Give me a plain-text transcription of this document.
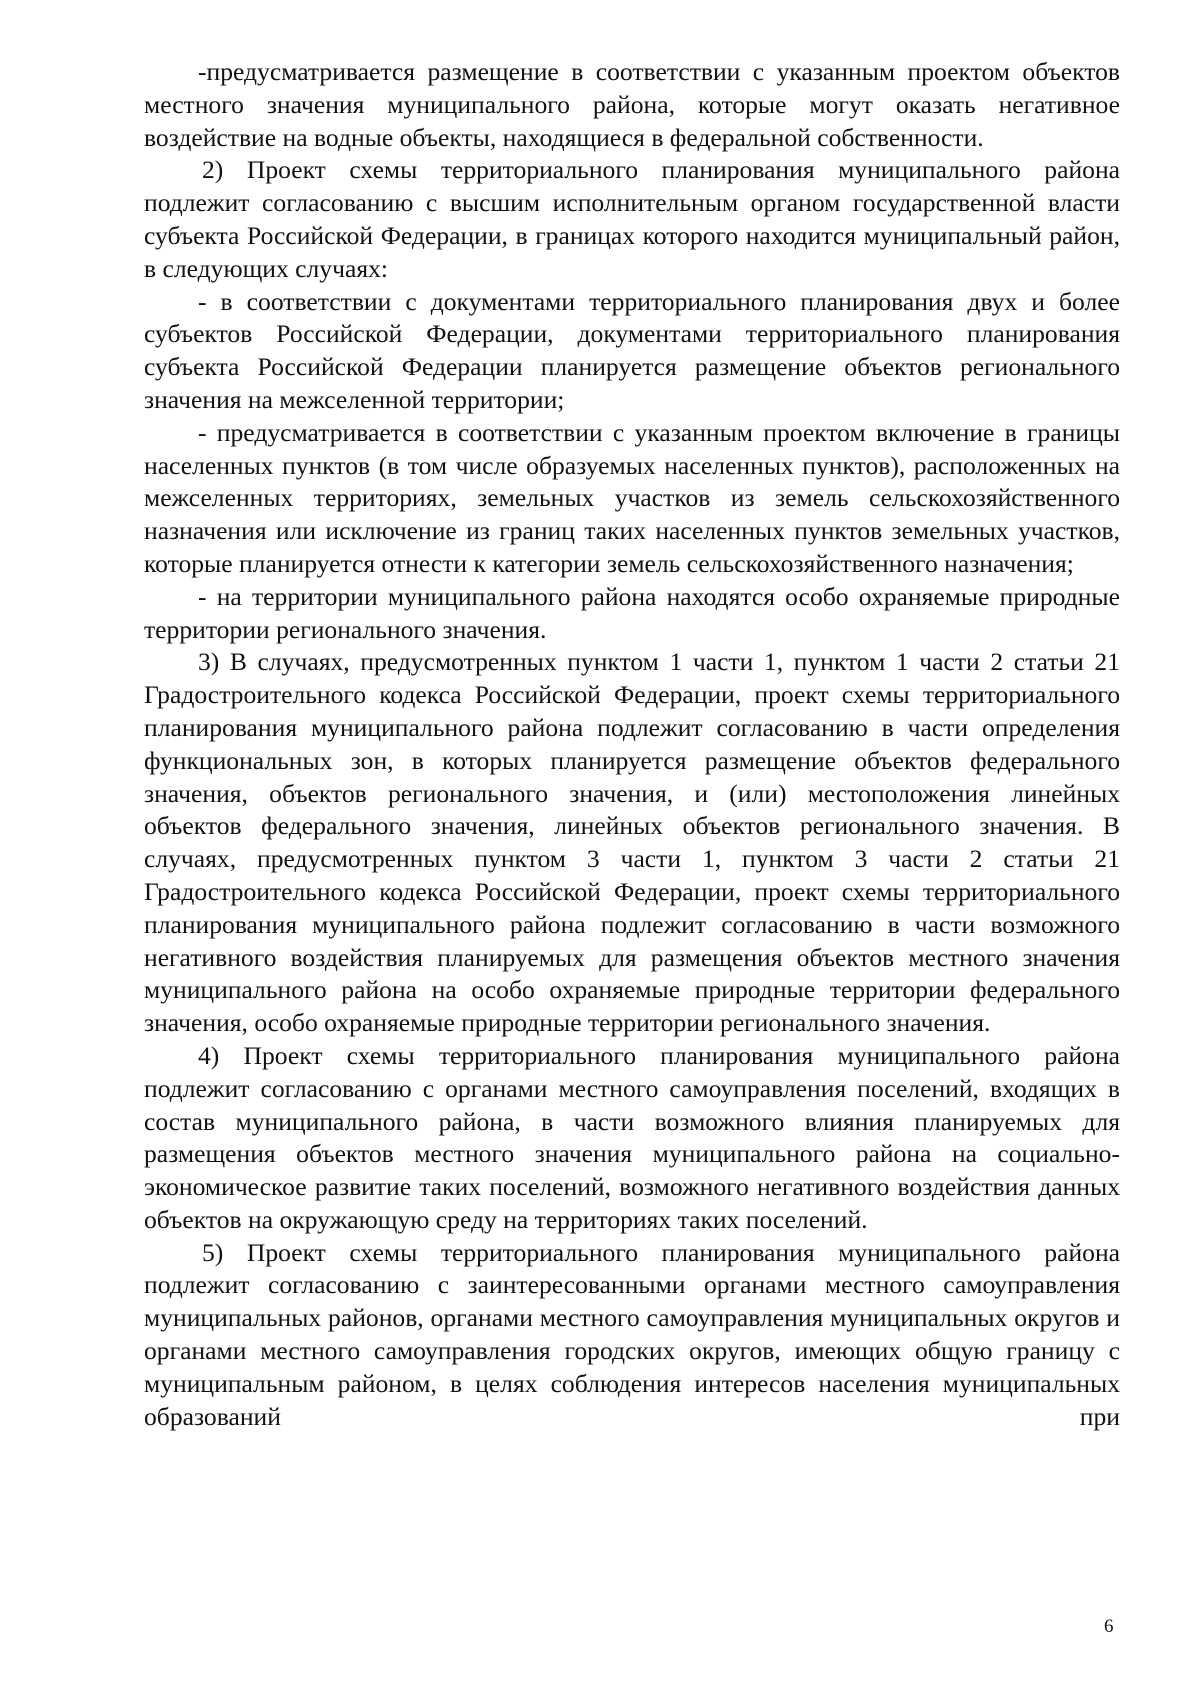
-предусматривается размещение в соответствии с указанным проектом объектов местного значения муниципального района, которые могут оказать негативное воздействие на водные объекты, находящиеся в федеральной собственности.

2) Проект схемы территориального планирования муниципального района подлежит согласованию с высшим исполнительным органом государственной власти субъекта Российской Федерации, в границах которого находится муниципальный район, в следующих случаях:

- в соответствии с документами территориального планирования двух и более субъектов Российской Федерации, документами территориального планирования субъекта Российской Федерации планируется размещение объектов регионального значения на межселенной территории;

- предусматривается в соответствии с указанным проектом включение в границы населенных пунктов (в том числе образуемых населенных пунктов), расположенных на межселенных территориях, земельных участков из земель сельскохозяйственного назначения или исключение из границ таких населенных пунктов земельных участков, которые планируется отнести к категории земель сельскохозяйственного назначения;

- на территории муниципального района находятся особо охраняемые природные территории регионального значения.

3) В случаях, предусмотренных пунктом 1 части 1, пунктом 1 части 2 статьи 21 Градостроительного кодекса Российской Федерации, проект схемы территориального планирования муниципального района подлежит согласованию в части определения функциональных зон, в которых планируется размещение объектов федерального значения, объектов регионального значения, и (или) местоположения линейных объектов федерального значения, линейных объектов регионального значения. В случаях, предусмотренных пунктом 3 части 1, пунктом 3 части 2 статьи 21 Градостроительного кодекса Российской Федерации, проект схемы территориального планирования муниципального района подлежит согласованию в части возможного негативного воздействия планируемых для размещения объектов местного значения муниципального района на особо охраняемые природные территории федерального значения, особо охраняемые природные территории регионального значения.

4) Проект схемы территориального планирования муниципального района подлежит согласованию с органами местного самоуправления поселений, входящих в состав муниципального района, в части возможного влияния планируемых для размещения объектов местного значения муниципального района на социально-экономическое развитие таких поселений, возможного негативного воздействия данных объектов на окружающую среду на территориях таких поселений.

5) Проект схемы территориального планирования муниципального района подлежит согласованию с заинтересованными органами местного самоуправления муниципальных районов, органами местного самоуправления муниципальных округов и органами местного самоуправления городских округов, имеющих общую границу с муниципальным районом, в целях соблюдения интересов населения муниципальных образований при

6
